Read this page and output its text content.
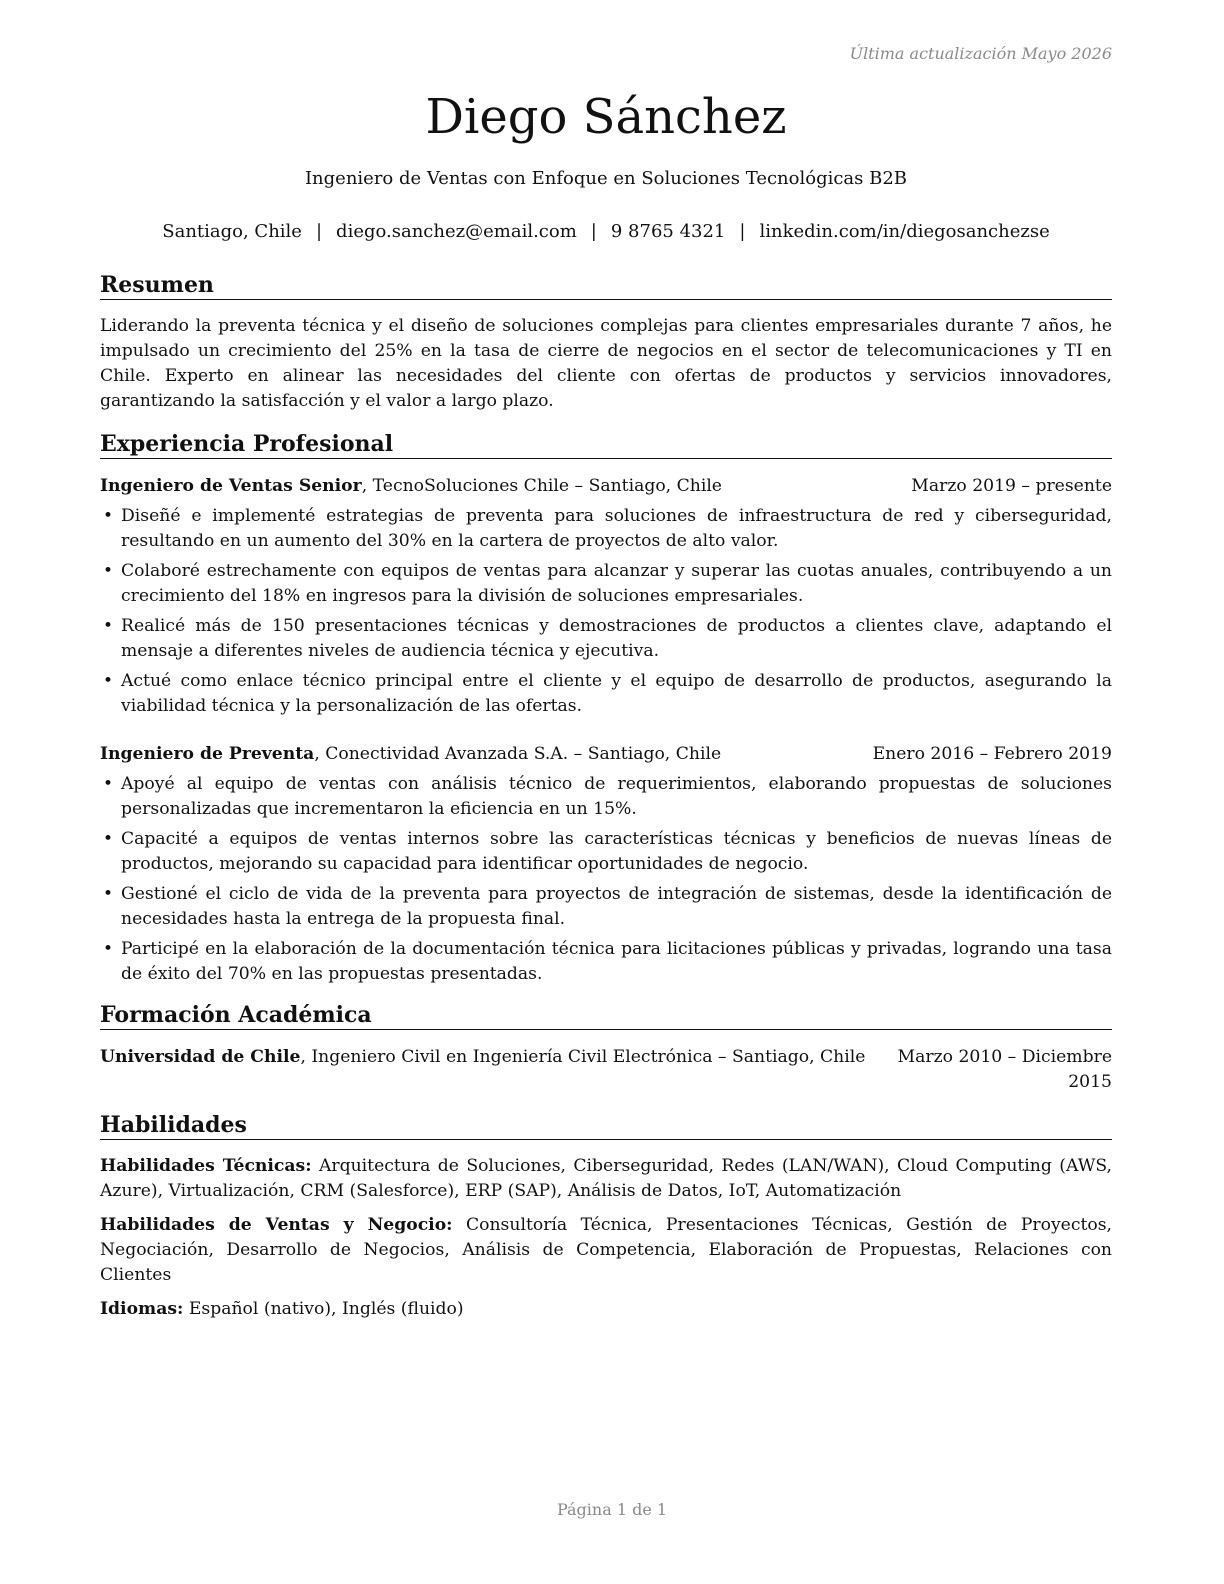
Última actualización Mayo 2026
Diego Sánchez
Ingeniero de Ventas con Enfoque en Soluciones Tecnológicas B2B
Santiago, Chile | diego.sanchez@email.com | 9 8765 4321 | linkedin.com/in/diegosanchezse
Resumen
Liderando la preventa técnica y el diseño de soluciones complejas para clientes empresariales durante 7 años, he impulsado un crecimiento del 25% en la tasa de cierre de negocios en el sector de telecomunicaciones y TI en Chile. Experto en alinear las necesidades del cliente con ofertas de productos y servicios innovadores, garantizando la satisfacción y el valor a largo plazo.
Experiencia Profesional
Ingeniero de Ventas Senior, TecnoSoluciones Chile – Santiago, Chile	Marzo 2019 – presente
• Diseñé e implementé estrategias de preventa para soluciones de infraestructura de red y ciberseguridad, resultando en un aumento del 30% en la cartera de proyectos de alto valor.
• Colaboré estrechamente con equipos de ventas para alcanzar y superar las cuotas anuales, contribuyendo a un crecimiento del 18% en ingresos para la división de soluciones empresariales.
• Realicé más de 150 presentaciones técnicas y demostraciones de productos a clientes clave, adaptando el mensaje a diferentes niveles de audiencia técnica y ejecutiva.
• Actué como enlace técnico principal entre el cliente y el equipo de desarrollo de productos, asegurando la viabilidad técnica y la personalización de las ofertas.
Ingeniero de Preventa, Conectividad Avanzada S.A. – Santiago, Chile	Enero 2016 – Febrero 2019
• Apoyé al equipo de ventas con análisis técnico de requerimientos, elaborando propuestas de soluciones personalizadas que incrementaron la eficiencia en un 15%.
• Capacité a equipos de ventas internos sobre las características técnicas y beneficios de nuevas líneas de productos, mejorando su capacidad para identificar oportunidades de negocio.
• Gestioné el ciclo de vida de la preventa para proyectos de integración de sistemas, desde la identificación de necesidades hasta la entrega de la propuesta final.
• Participé en la elaboración de la documentación técnica para licitaciones públicas y privadas, logrando una tasa de éxito del 70% en las propuestas presentadas.
Formación Académica
Universidad de Chile, Ingeniero Civil en Ingeniería Civil Electrónica – Santiago, Chile	Marzo 2010 – Diciembre 2015
Habilidades

Habilidades Técnicas: Arquitectura de Soluciones, Ciberseguridad, Redes (LAN/WAN), Cloud Computing (AWS, Azure), Virtualización, CRM (Salesforce), ERP (SAP), Análisis de Datos, IoT, Automatización

Habilidades de Ventas y Negocio: Consultoría Técnica, Presentaciones Técnicas, Gestión de Proyectos, Negociación, Desarrollo de Negocios, Análisis de Competencia, Elaboración de Propuestas, Relaciones con Clientes

Idiomas: Español (nativo), Inglés (fluido)

Página 1 de 1
